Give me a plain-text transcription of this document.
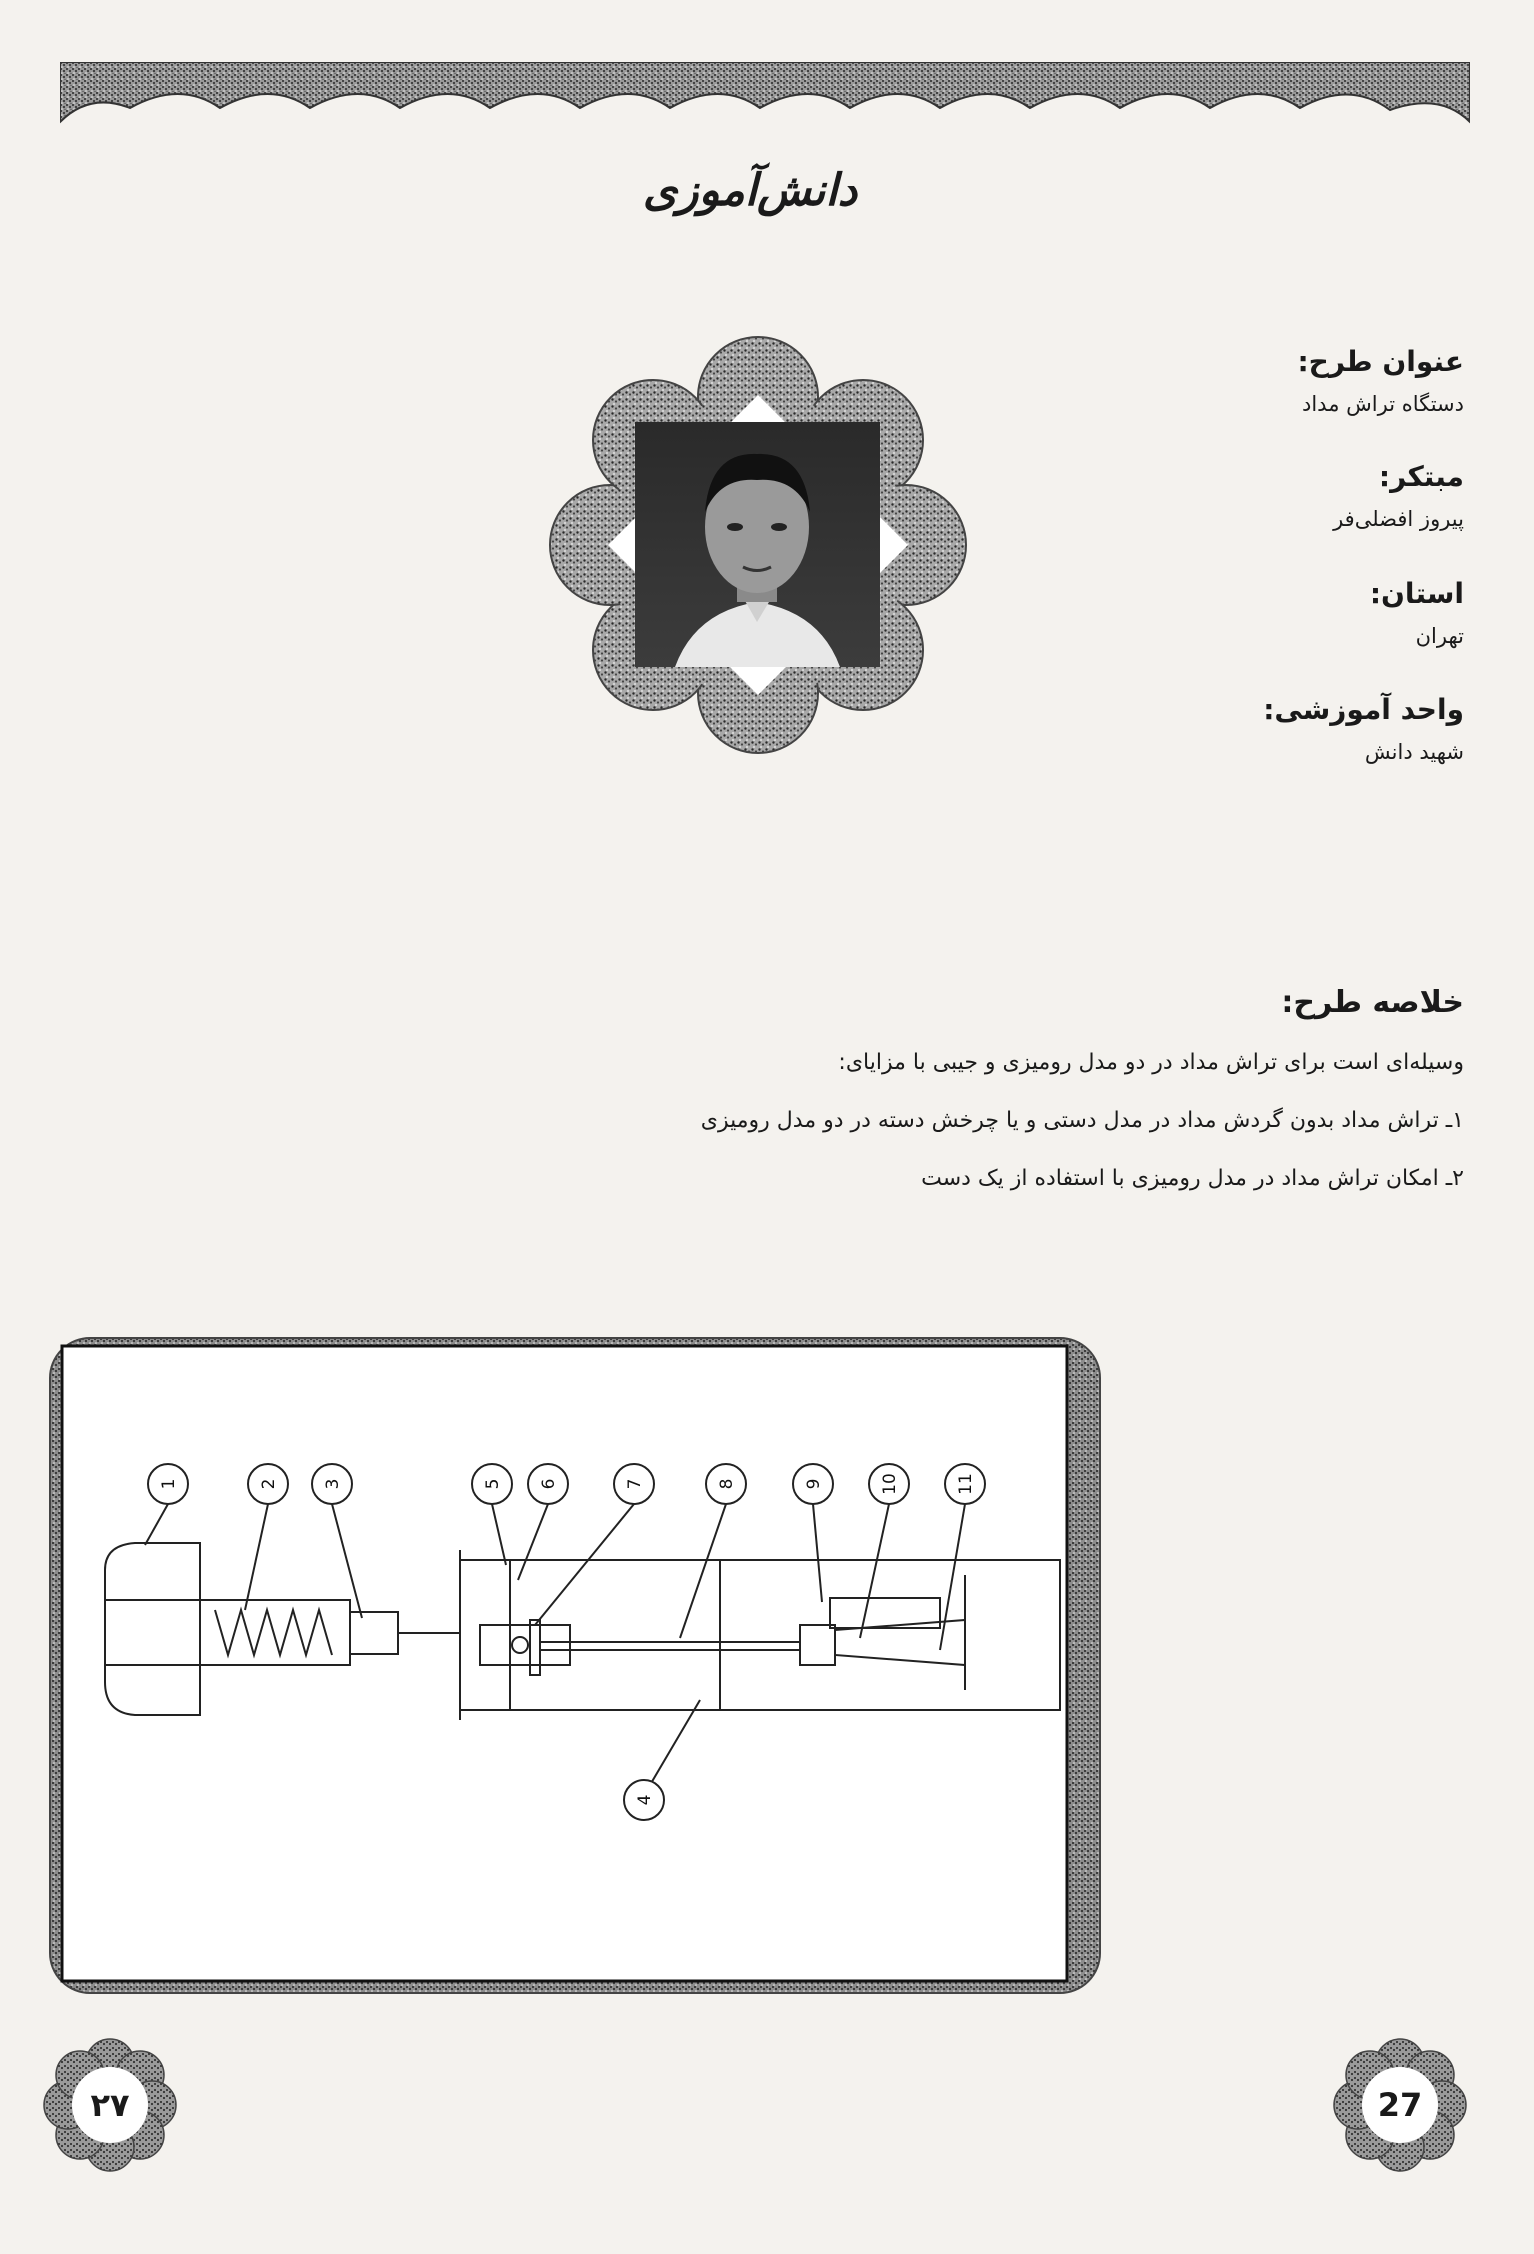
دانش‌آموزی
عنوان طرح:
دستگاه تراش مداد
مبتکر:
پیروز افضلی‌فر
استان:
تهران
واحد آموزشی:
شهید دانش
خلاصه طرح:
وسیله‌ای است برای تراش مداد در دو مدل رومیزی و جیبی با مزایای:
۱ـ تراش مداد بدون گردش مداد در مدل دستی و یا چرخش دسته در دو مدل رومیزی
۲ـ امکان تراش مداد در مدل رومیزی با استفاده از یک دست
1	2	3
4
5 6	7	8	9	10	11
۲۷	27
